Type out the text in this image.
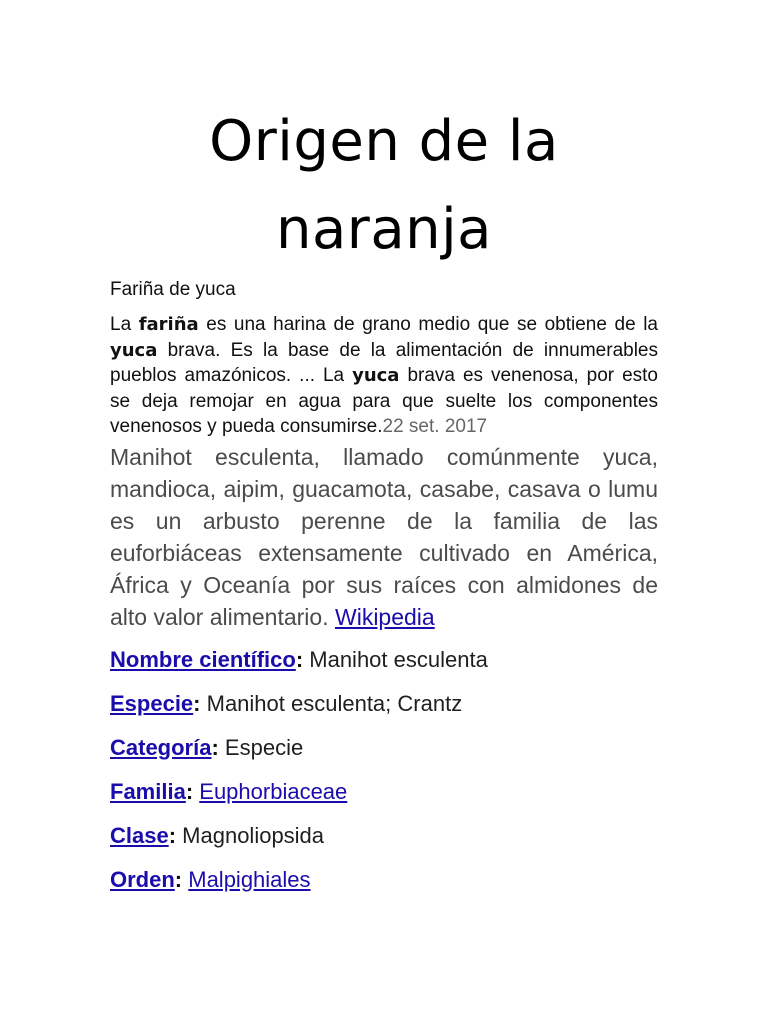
Origen de la naranja
Fariña de yuca

La fariña es una harina de grano medio que se obtiene de la yuca brava. Es la base de la alimentación de innumerables pueblos amazónicos. ... La yuca brava es venenosa, por esto se deja remojar en agua para que suelte los componentes venenosos y pueda consumirse.22 set. 2017

Manihot esculenta, llamado comúnmente yuca, mandioca, aipim, guacamota, casabe, casava o lumu es un arbusto perenne de la familia de las euforbiáceas extensamente cultivado en América, África y Oceanía por sus raíces con almidones de alto valor alimentario. Wikipedia

Nombre científico: Manihot esculenta
Especie: Manihot esculenta; Crantz
Categoría: Especie
Familia: Euphorbiaceae
Clase: Magnoliopsida
Orden: Malpighiales
